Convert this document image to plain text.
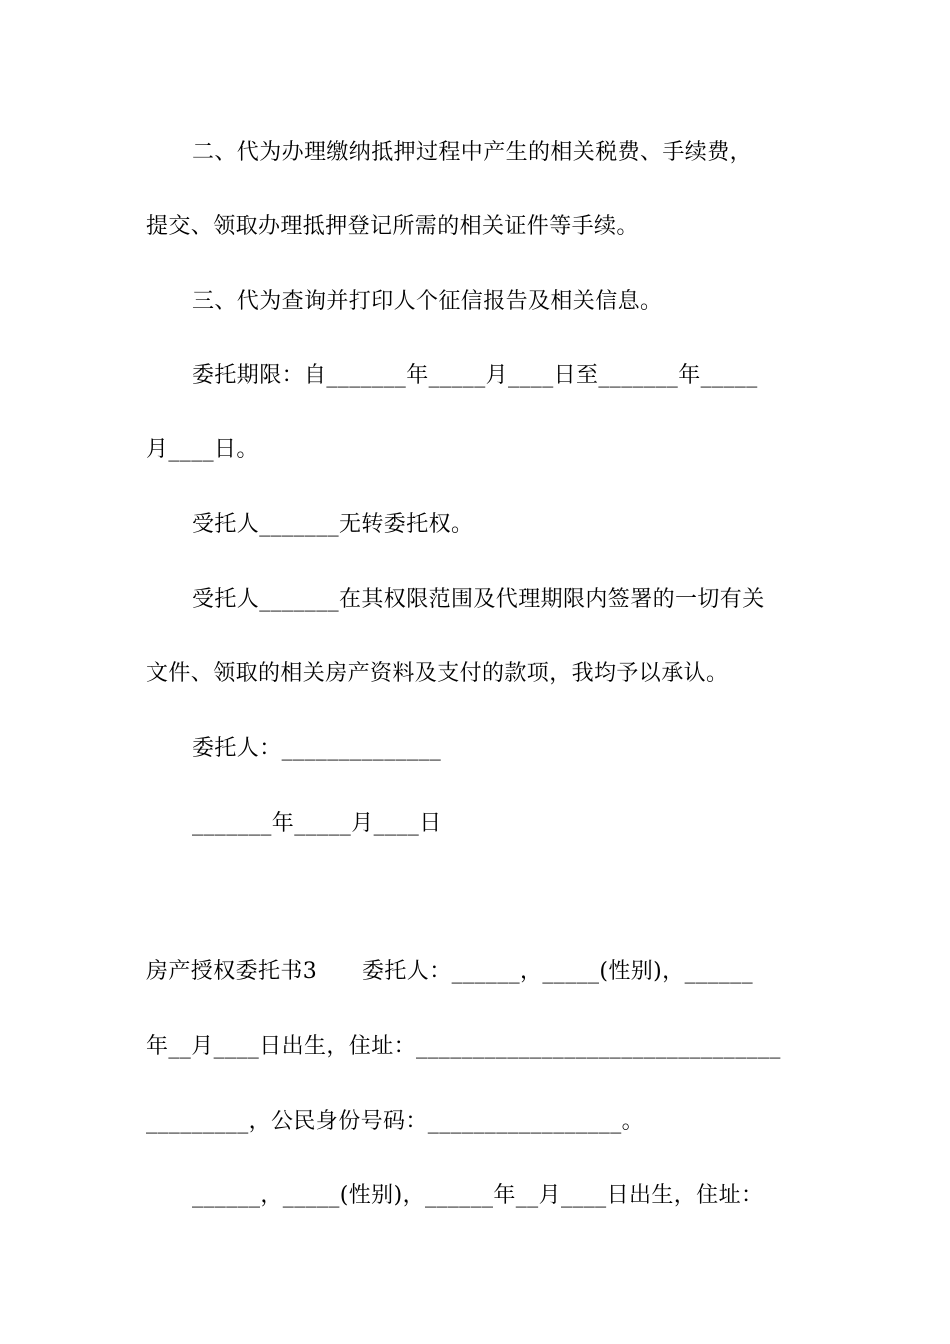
二、代为办理缴纳抵押过程中产生的相关税费、手续费，
提交、领取办理抵押登记所需的相关证件等手续。
三、代为查询并打印人个征信报告及相关信息。
委托期限：自_______年_____月____日至_______年_____
月____日。
受托人_______无转委托权。
受托人_______在其权限范围及代理期限内签署的一切有关
文件、领取的相关房产资料及支付的款项，我均予以承认。
委托人：______________
_______年_____月____日
房产授权委托书3　　委托人：______，_____(性别)，______
年__月____日出生，住址：________________________________
_________，公民身份号码：_________________。
______，_____(性别)，______年__月____日出生，住址：
